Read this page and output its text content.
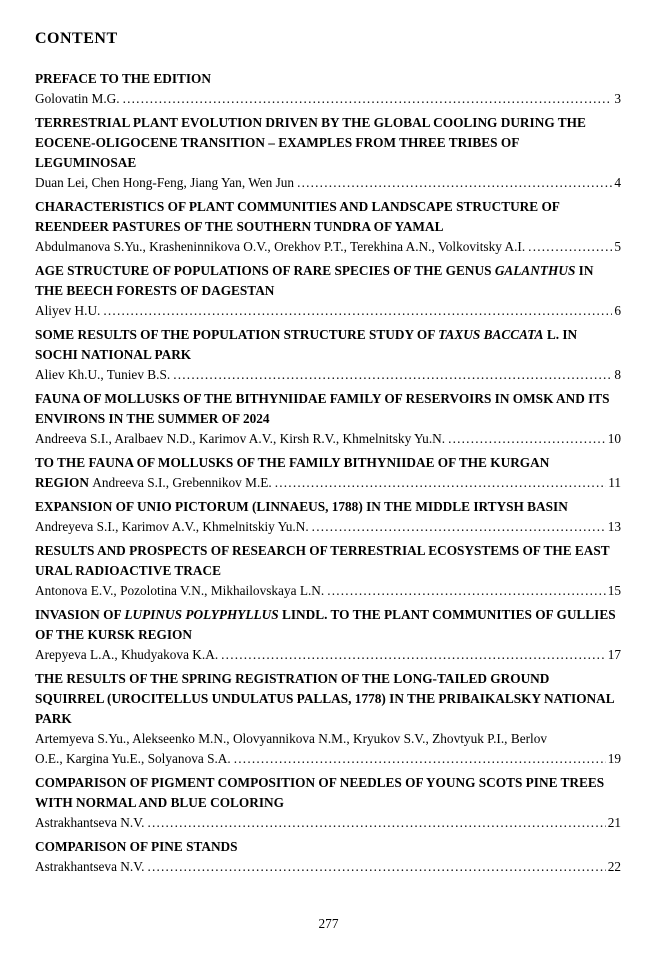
CONTENT
PREFACE TO THE EDITION
Golovatin M.G. .....	3
TERRESTRIAL PLANT EVOLUTION DRIVEN BY THE GLOBAL COOLING DURING THE EOCENE-OLIGOCENE TRANSITION – EXAMPLES FROM THREE TRIBES OF LEGUMINOSAE
Duan Lei, Chen Hong-Feng, Jiang Yan, Wen Jun .....	4
CHARACTERISTICS OF PLANT COMMUNITIES AND LANDSCAPE STRUCTURE OF REENDEER PASTURES OF THE SOUTHERN TUNDRA OF YAMAL
Abdulmanova S.Yu., Krasheninnikova O.V., Orekhov P.T., Terekhina A.N., Volkovitsky A.I. .....	5
AGE STRUCTURE OF POPULATIONS OF RARE SPECIES OF THE GENUS GALANTHUS IN THE BEECH FORESTS OF DAGESTAN
Aliyev H.U. .....	6
SOME RESULTS OF THE POPULATION STRUCTURE STUDY OF TAXUS BACCATA L. IN SOCHI NATIONAL PARK
Aliev Kh.U., Tuniev B.S. .....	8
FAUNA OF MOLLUSKS OF THE BITHYNIIDAE FAMILY OF RESERVOIRS IN OMSK AND ITS ENVIRONS IN THE SUMMER OF 2024
Andreeva S.I., Aralbaev N.D., Karimov A.V., Kirsh R.V., Khmelnitsky Yu.N. .....	10
TO THE FAUNA OF MOLLUSKS OF THE FAMILY BITHYNIIDAE OF THE KURGAN
REGION Andreeva S.I., Grebennikov M.E. .....	11
EXPANSION OF UNIO PICTORUM (LINNAEUS, 1788) IN THE MIDDLE IRTYSH BASIN
Andreyeva S.I., Karimov A.V., Khmelnitskiy Yu.N. .....	13
RESULTS AND PROSPECTS OF RESEARCH OF TERRESTRIAL ECOSYSTEMS OF THE EAST URAL RADIOACTIVE TRACE
Antonova E.V., Pozolotina V.N., Mikhailovskaya L.N. .....	15
INVASION OF LUPINUS POLYPHYLLUS LINDL. TO THE PLANT COMMUNITIES OF GULLIES OF THE KURSK REGION
Arepyeva L.A., Khudyakova K.A. .....	17
THE RESULTS OF THE SPRING REGISTRATION OF THE LONG-TAILED GROUND SQUIRREL (UROCITELLUS UNDULATUS PALLAS, 1778) IN THE PRIBAIKALSKY NATIONAL PARK
Artemyeva S.Yu., Alekseenko M.N., Olovyannikova N.M., Kryukov S.V., Zhovtyuk P.I., Berlov
O.E., Kargina Yu.E., Solyanova S.A. .....	19
COMPARISON OF PIGMENT COMPOSITION OF NEEDLES OF YOUNG SCOTS PINE TREES WITH NORMAL AND BLUE COLORING
Astrakhantseva N.V. .....	21
COMPARISON OF PINE STANDS
Astrakhantseva N.V. .....	22
277
